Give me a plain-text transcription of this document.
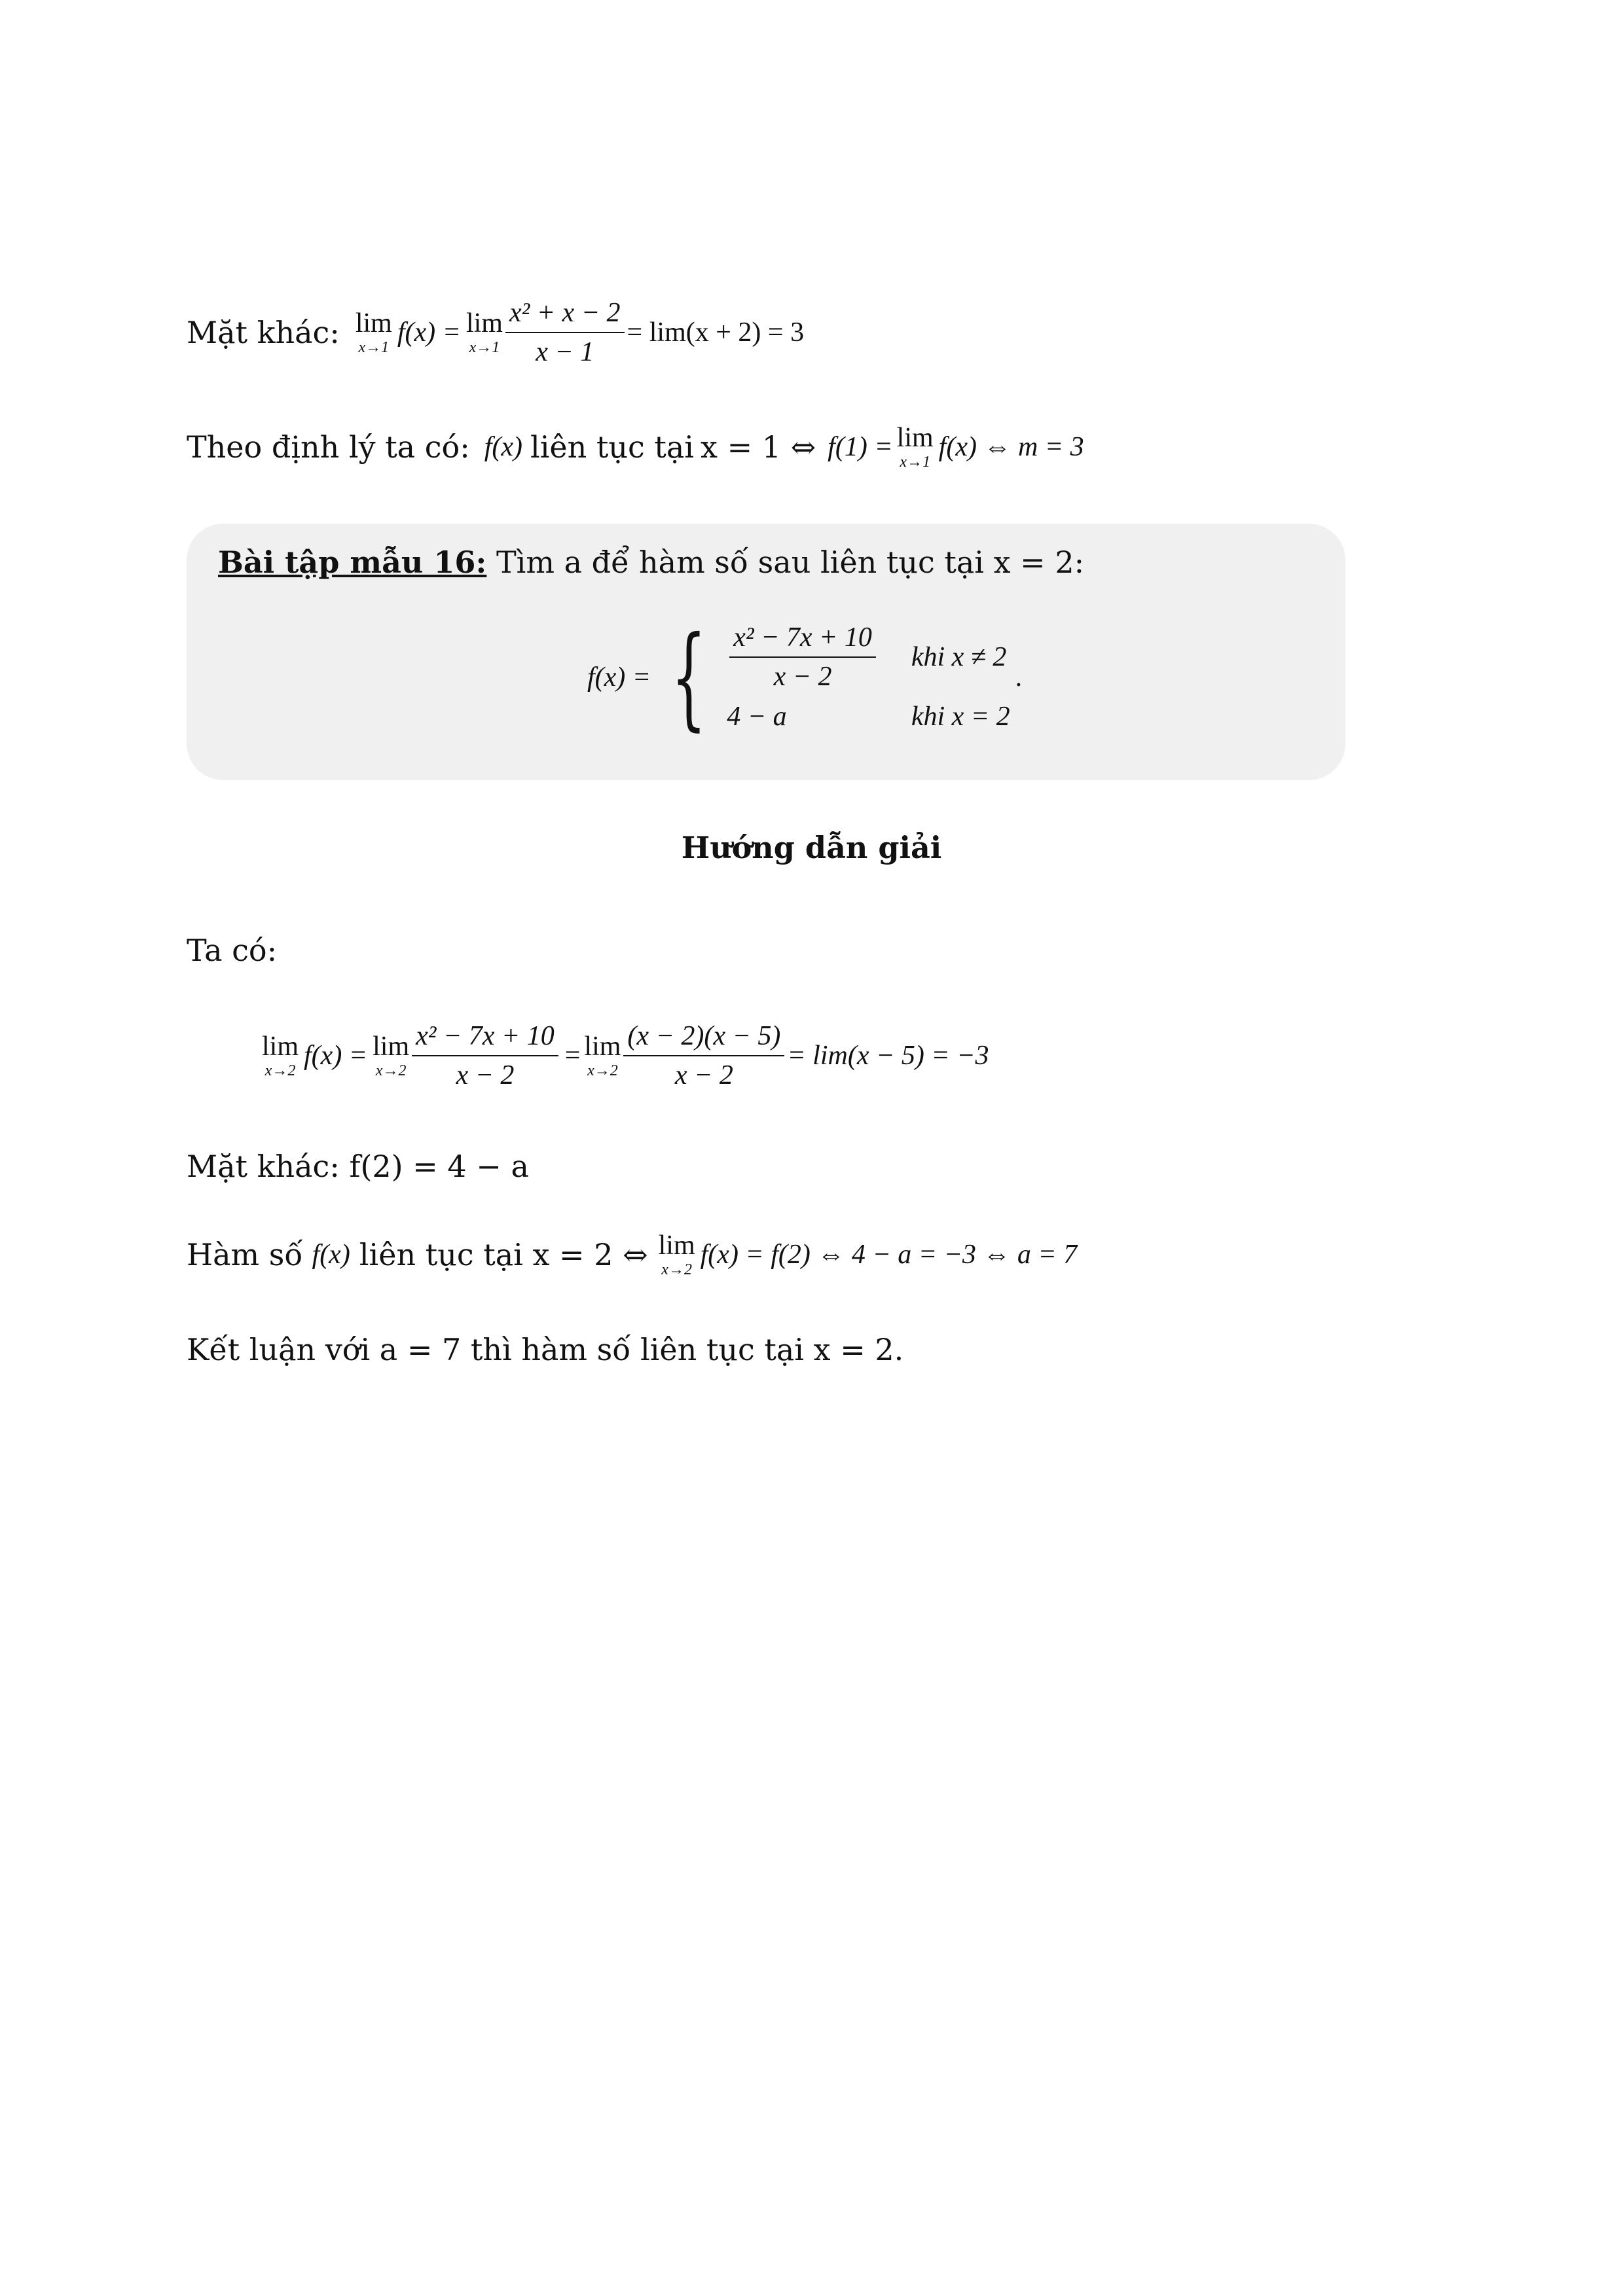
Mặt khác: lim
x→1 f(x) = lim
$x\to 1 \frac{\text{x² + x − 2}}{x - 1} = \lim(x + 2) = 3$
Theo định lý ta có: f(x) liên tục tại x = 1 ⇔ f(1) = lim
x→1 f(x) ⇔ m = 3
Bài tập mẫu 16: Tìm a để hàm số sau liên tục tại x = 2:
f(x) = { $\frac{\text{x² − 7x + 10}}{x - 2}$ khi x ≠ 2
4 − a	khi x = 2
.
Hướng dẫn giải
Ta có:
lim
x→2 f(x) = lim
$x\to 2 \frac{\text{x² − 7x + 10}}{x - 2} = \lim$
$x\to 2 \frac{(x - 2)(x - 5)}{x - 2} = \lim(x - 5) = -3$
Mặt khác: f(2) = 4 − a
Hàm số f(x) liên tục tại x = 2 ⇔ lim
x→2 f(x) = f(2) ⇔ 4 − a = −3 ⇔ a = 7
Kết luận với a = 7 thì hàm số liên tục tại x = 2.
